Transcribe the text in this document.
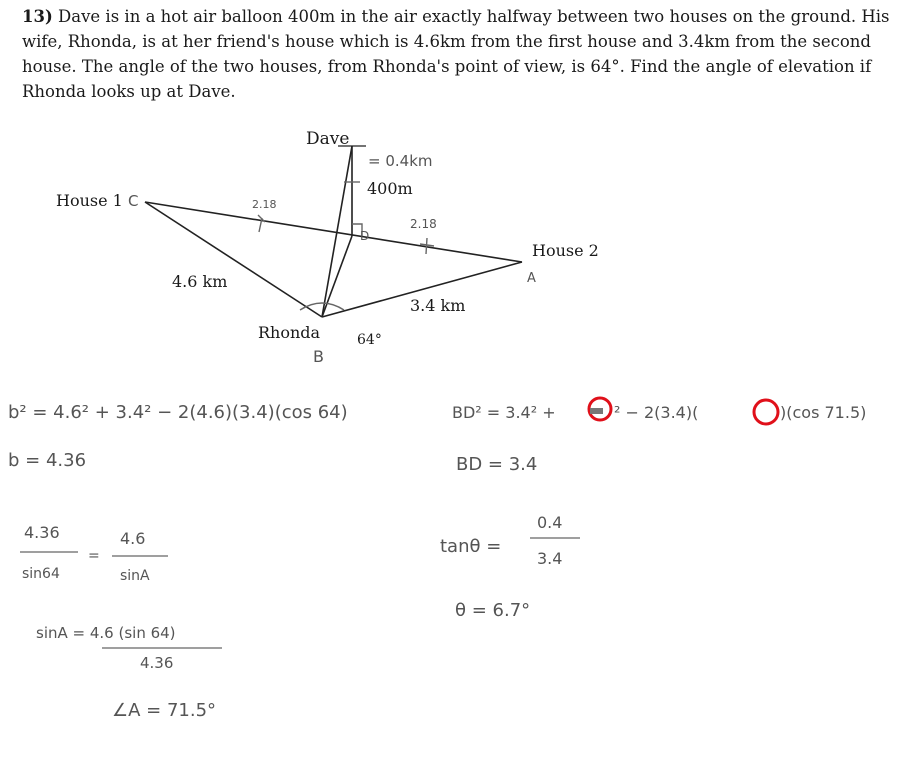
13) Dave is in a hot air balloon 400m in the air exactly halfway between two houses on the ground. His wife, Rhonda, is at her friend's house which is 4.6km from the first house and 3.4km from the second house. The angle of the two houses, from Rhonda's point of view, is 64°. Find the angle of elevation if Rhonda looks up at Dave.
Dave
House 1
House 2
Rhonda
400m
4.6 km
3.4 km
64°
= 0.4km
2.18
2.18
A
B
C
D
b² = 4.6² + 3.4² − 2(4.6)(3.4)(cos 64)
b = 4.36
4.36
sin64
=
4.6
sinA
sinA = 4.6 (sin 64)
4.36
∠A = 71.5°
BD² = 3.4² +	² − 2(3.4)(	)(cos 71.5)
BD = 3.4
tanθ =
0.4
3.4
θ = 6.7°
